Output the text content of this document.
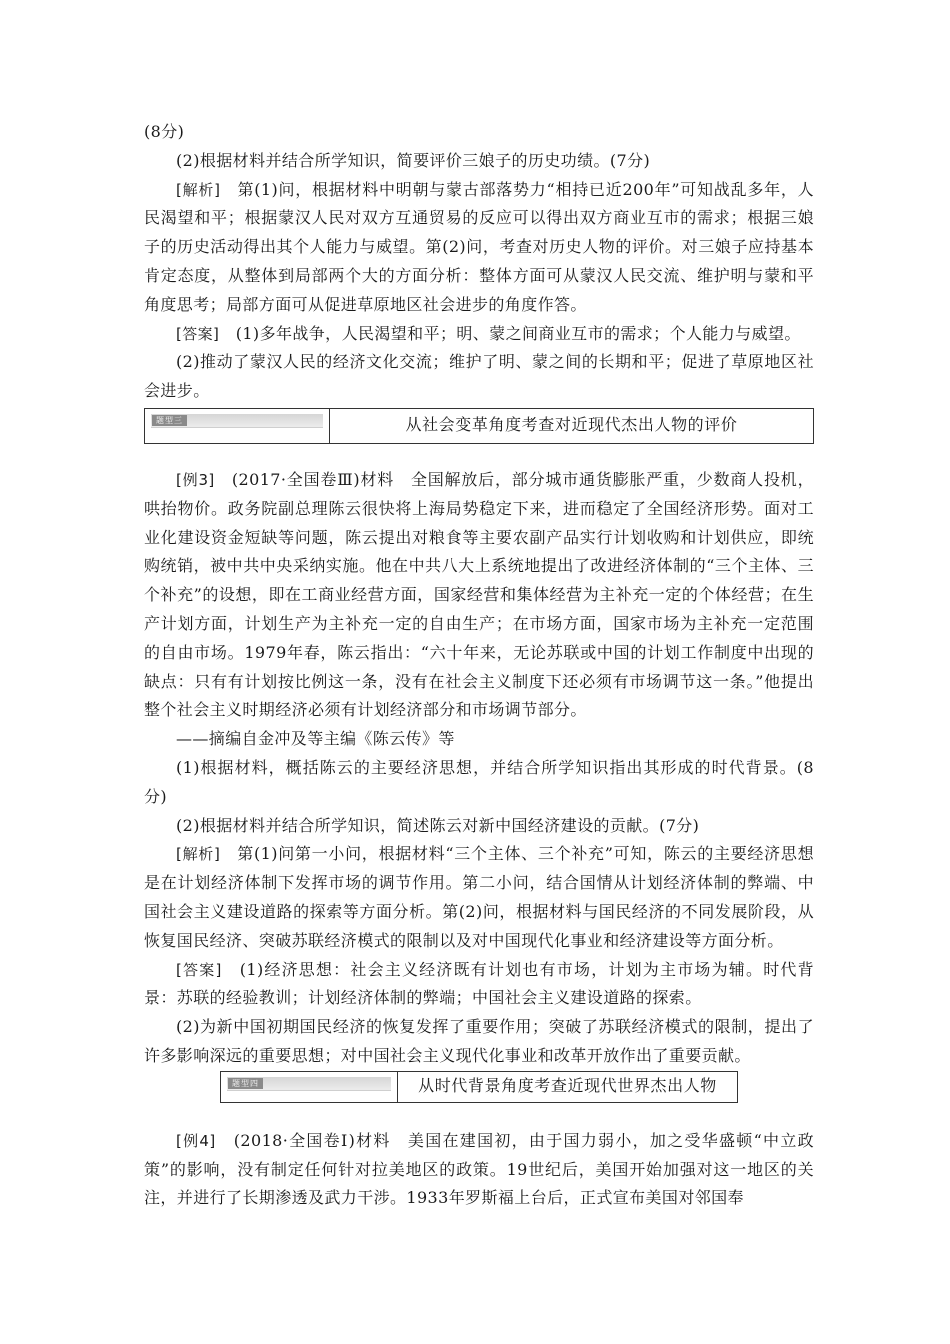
(8分)

(2)根据材料并结合所学知识，简要评价三娘子的历史功绩。(7分)

[解析]　第(1)问，根据材料中明朝与蒙古部落势力“相持已近200年”可知战乱多年，人民渴望和平；根据蒙汉人民对双方互通贸易的反应可以得出双方商业互市的需求；根据三娘子的历史活动得出其个人能力与威望。第(2)问，考查对历史人物的评价。对三娘子应持基本肯定态度，从整体到局部两个大的方面分析：整体方面可从蒙汉人民交流、维护明与蒙和平角度思考；局部方面可从促进草原地区社会进步的角度作答。

[答案]　(1)多年战争，人民渴望和平；明、蒙之间商业互市的需求；个人能力与威望。

(2)推动了蒙汉人民的经济文化交流；维护了明、蒙之间的长期和平；促进了草原地区社会进步。

题型三	从社会变革角度考查对近现代杰出人物的评价

[例3]　(2017·全国卷Ⅲ)材料　全国解放后，部分城市通货膨胀严重，少数商人投机，哄抬物价。政务院副总理陈云很快将上海局势稳定下来，进而稳定了全国经济形势。面对工业化建设资金短缺等问题，陈云提出对粮食等主要农副产品实行计划收购和计划供应，即统购统销，被中共中央采纳实施。他在中共八大上系统地提出了改进经济体制的“三个主体、三个补充”的设想，即在工商业经营方面，国家经营和集体经营为主补充一定的个体经营；在生产计划方面，计划生产为主补充一定的自由生产；在市场方面，国家市场为主补充一定范围的自由市场。1979年春，陈云指出：“六十年来，无论苏联或中国的计划工作制度中出现的缺点：只有有计划按比例这一条，没有在社会主义制度下还必须有市场调节这一条。”他提出整个社会主义时期经济必须有计划经济部分和市场调节部分。

——摘编自金冲及等主编《陈云传》等

(1)根据材料，概括陈云的主要经济思想，并结合所学知识指出其形成的时代背景。(8分)

(2)根据材料并结合所学知识，简述陈云对新中国经济建设的贡献。(7分)

[解析]　第(1)问第一小问，根据材料“三个主体、三个补充”可知，陈云的主要经济思想是在计划经济体制下发挥市场的调节作用。第二小问，结合国情从计划经济体制的弊端、中国社会主义建设道路的探索等方面分析。第(2)问，根据材料与国民经济的不同发展阶段，从恢复国民经济、突破苏联经济模式的限制以及对中国现代化事业和经济建设等方面分析。

[答案]　(1)经济思想：社会主义经济既有计划也有市场，计划为主市场为辅。时代背景：苏联的经验教训；计划经济体制的弊端；中国社会主义建设道路的探索。

(2)为新中国初期国民经济的恢复发挥了重要作用；突破了苏联经济模式的限制，提出了许多影响深远的重要思想；对中国社会主义现代化事业和改革开放作出了重要贡献。

题型四	从时代背景角度考查近现代世界杰出人物

[例4]　(2018·全国卷Ⅰ)材料　美国在建国初，由于国力弱小，加之受华盛顿“中立政策”的影响，没有制定任何针对拉美地区的政策。19世纪后，美国开始加强对这一地区的关注，并进行了长期渗透及武力干涉。1933年罗斯福上台后，正式宣布美国对邻国奉
